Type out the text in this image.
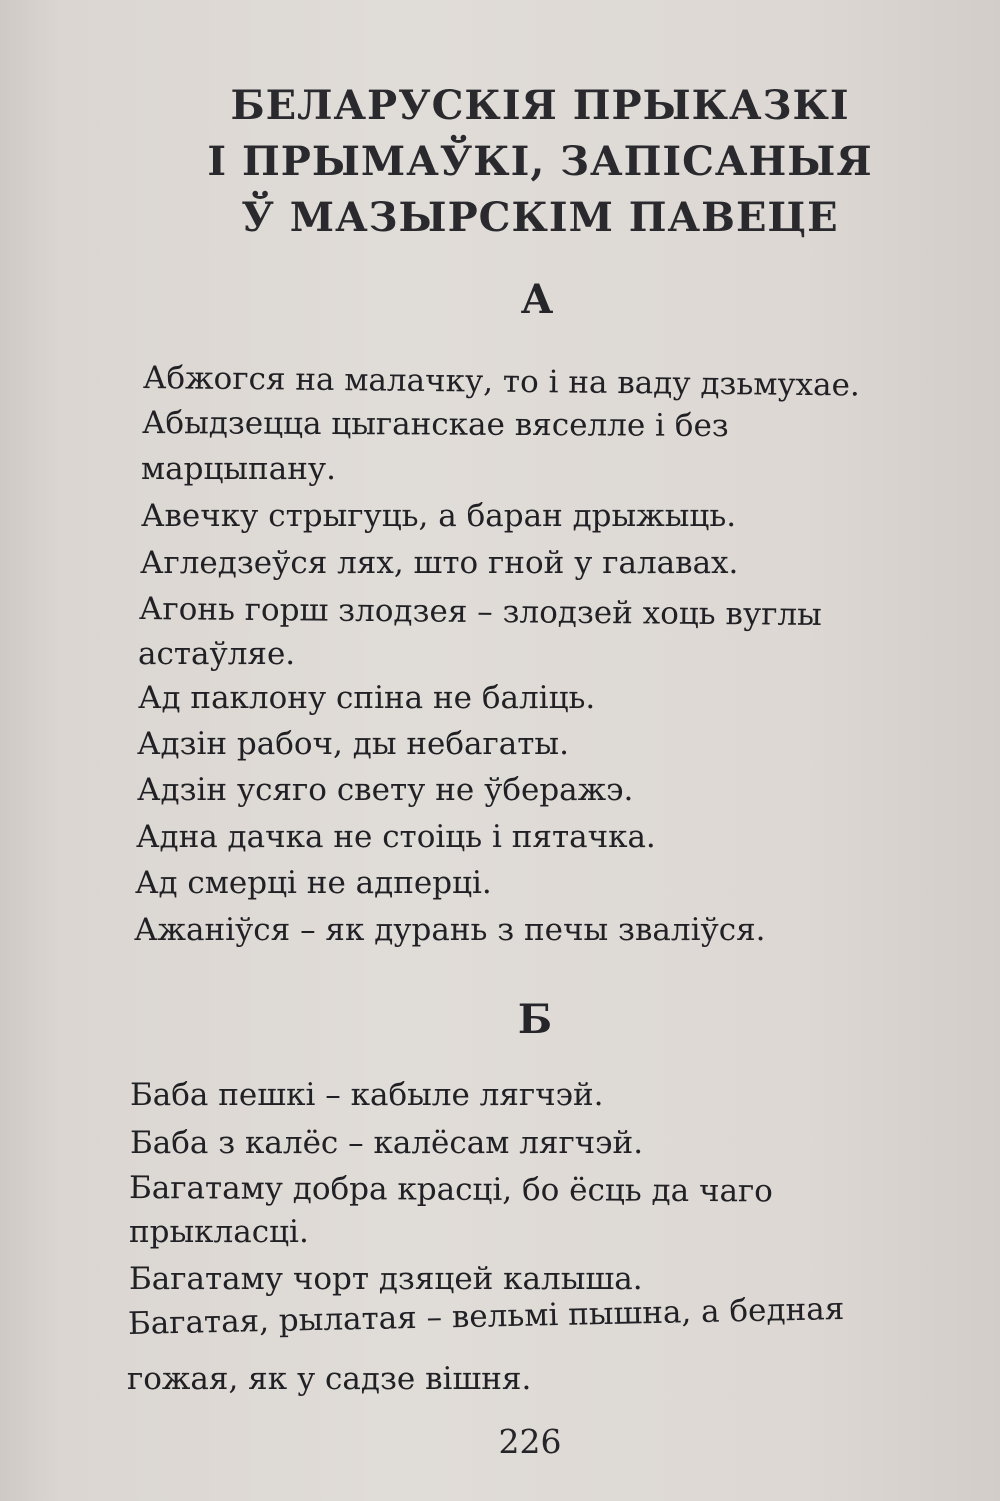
БЕЛАРУСКІЯ ПРЫКАЗКІ
І ПРЫМАЎКІ, ЗАПІСАНЫЯ
Ў МАЗЫРСКІМ ПАВЕЦЕ
А
Абжогся на малачку, то і на ваду дзьмухае.
Абыдзецца цыганскае вяселле і без
марцыпану.
Авечку стрыгуць, а баран дрыжыць.
Агледзеўся лях, што гной у галавах.
Агонь горш злодзея – злодзей хоць вуглы
астаўляе.
Ад паклону спіна не баліць.
Адзін рабоч, ды небагаты.
Адзін усяго свету не ўберажэ.
Адна дачка не стоіць і пятачка.
Ад смерці не адперці.
Ажаніўся – як дурань з печы зваліўся.
Б
Баба пешкі – кабыле лягчэй.
Баба з калёс – калёсам лягчэй.
Багатаму добра красці, бо ёсць да чаго
прыкласці.
Багатаму чорт дзяцей калыша.
Багатая, рылатая – вельмі пышна, а бедная
гожая, як у садзе вішня.
226
